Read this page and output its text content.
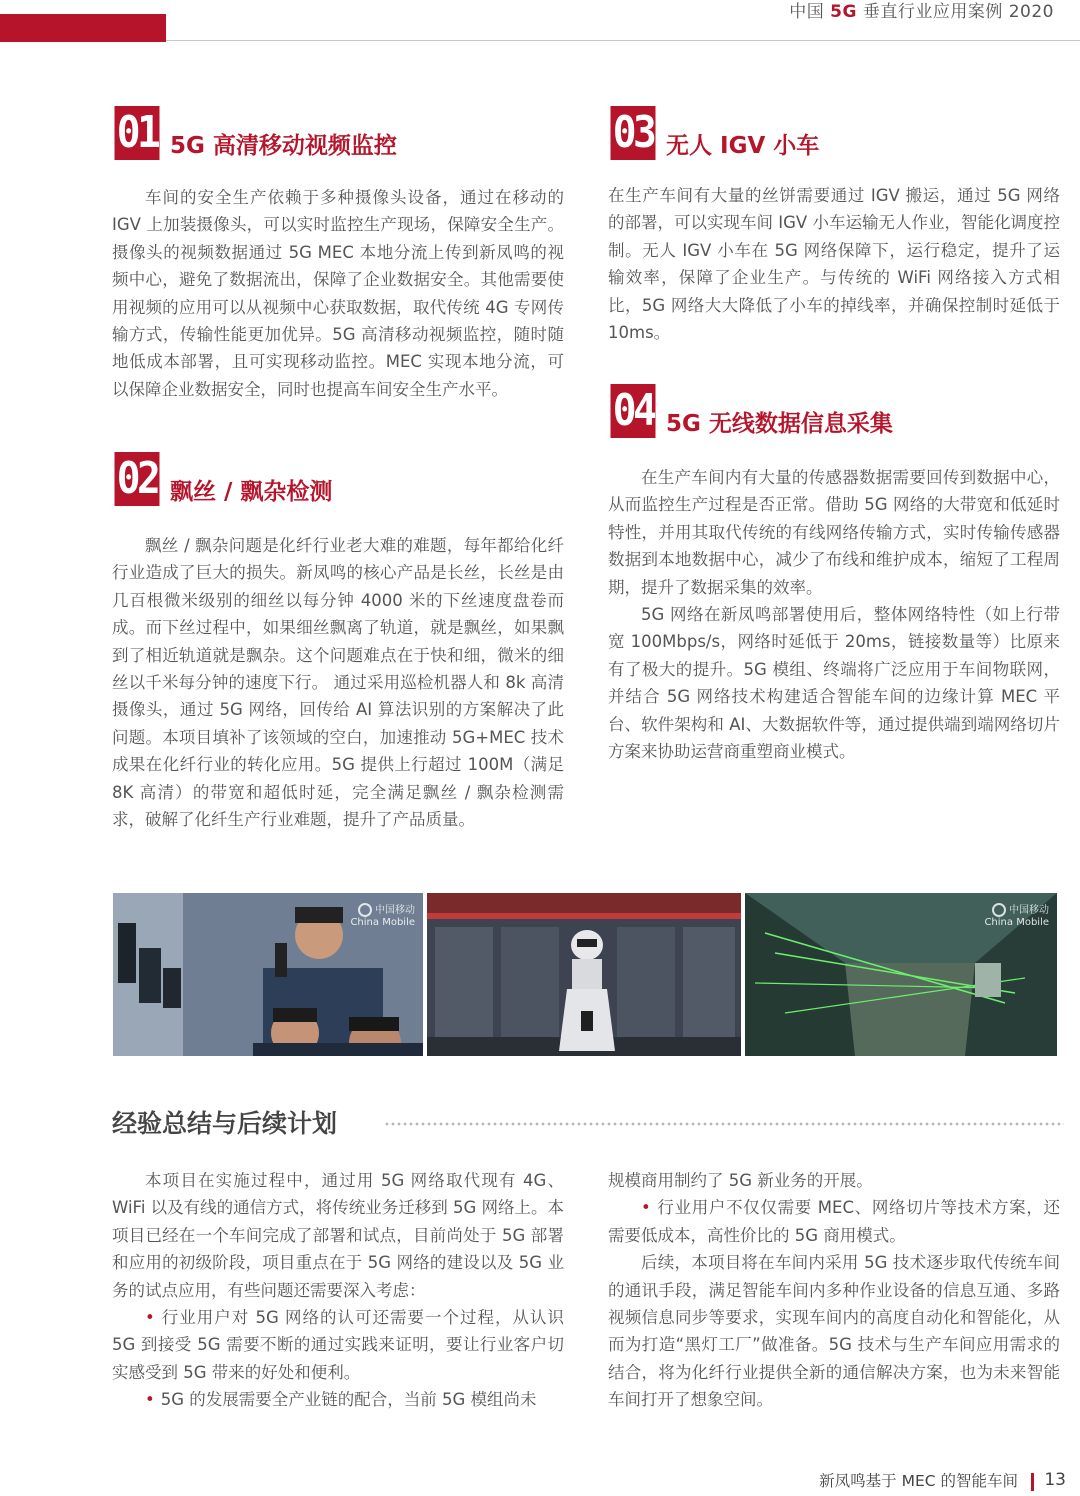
中国 5G 垂直行业应用案例 2020
01 5G 高清移动视频监控

车间的安全生产依赖于多种摄像头设备，通过在移动的 IGV 上加装摄像头，可以实时监控生产现场，保障安全生产。摄像头的视频数据通过 5G MEC 本地分流上传到新凤鸣的视频中心，避免了数据流出，保障了企业数据安全。其他需要使用视频的应用可以从视频中心获取数据，取代传统 4G 专网传输方式，传输性能更加优异。5G 高清移动视频监控，随时随地低成本部署，且可实现移动监控。MEC 实现本地分流，可以保障企业数据安全，同时也提高车间安全生产水平。

02 飘丝 / 飘杂检测

飘丝 / 飘杂问题是化纤行业老大难的难题，每年都给化纤行业造成了巨大的损失。新凤鸣的核心产品是长丝，长丝是由几百根微米级别的细丝以每分钟 4000 米的下丝速度盘卷而成。而下丝过程中，如果细丝飘离了轨道，就是飘丝，如果飘到了相近轨道就是飘杂。这个问题难点在于快和细，微米的细丝以千米每分钟的速度下行。 通过采用巡检机器人和 8k 高清摄像头，通过 5G 网络，回传给 AI 算法识别的方案解决了此问题。本项目填补了该领域的空白，加速推动 5G+MEC 技术成果在化纤行业的转化应用。5G 提供上行超过 100M（满足 8K 高清）的带宽和超低时延，完全满足飘丝 / 飘杂检测需求，破解了化纤生产行业难题，提升了产品质量。

03 无人 IGV 小车

在生产车间有大量的丝饼需要通过 IGV 搬运，通过 5G 网络的部署，可以实现车间 IGV 小车运输无人作业，智能化调度控制。无人 IGV 小车在 5G 网络保障下，运行稳定，提升了运输效率，保障了企业生产。与传统的 WiFi 网络接入方式相比，5G 网络大大降低了小车的掉线率，并确保控制时延低于 10ms。

04 5G 无线数据信息采集

在生产车间内有大量的传感器数据需要回传到数据中心，从而监控生产过程是否正常。借助 5G 网络的大带宽和低延时特性，并用其取代传统的有线网络传输方式，实时传输传感器数据到本地数据中心，减少了布线和维护成本，缩短了工程周期，提升了数据采集的效率。

5G 网络在新凤鸣部署使用后，整体网络特性（如上行带宽 100Mbps/s，网络时延低于 20ms，链接数量等）比原来有了极大的提升。5G 模组、终端将广泛应用于车间物联网，并结合 5G 网络技术构建适合智能车间的边缘计算 MEC 平台、软件架构和 AI、大数据软件等，通过提供端到端网络切片方案来协助运营商重塑商业模式。

中国移动
China Mobile
中国移动
China Mobile
经验总结与后续计划

本项目在实施过程中，通过用 5G 网络取代现有 4G、WiFi 以及有线的通信方式，将传统业务迁移到 5G 网络上。本项目已经在一个车间完成了部署和试点，目前尚处于 5G 部署和应用的初级阶段，项目重点在于 5G 网络的建设以及 5G 业务的试点应用，有些问题还需要深入考虑：

• 行业用户对 5G 网络的认可还需要一个过程，从认识 5G 到接受 5G 需要不断的通过实践来证明，要让行业客户切实感受到 5G 带来的好处和便利。

• 5G 的发展需要全产业链的配合，当前 5G 模组尚未

规模商用制约了 5G 新业务的开展。

• 行业用户不仅仅需要 MEC、网络切片等技术方案，还需要低成本，高性价比的 5G 商用模式。

后续，本项目将在车间内采用 5G 技术逐步取代传统车间的通讯手段，满足智能车间内多种作业设备的信息互通、多路视频信息同步等要求，实现车间内的高度自动化和智能化，从而为打造“黑灯工厂”做准备。5G 技术与生产车间应用需求的结合，将为化纤行业提供全新的通信解决方案，也为未来智能车间打开了想象空间。

新凤鸣基于 MEC 的智能车间 13
